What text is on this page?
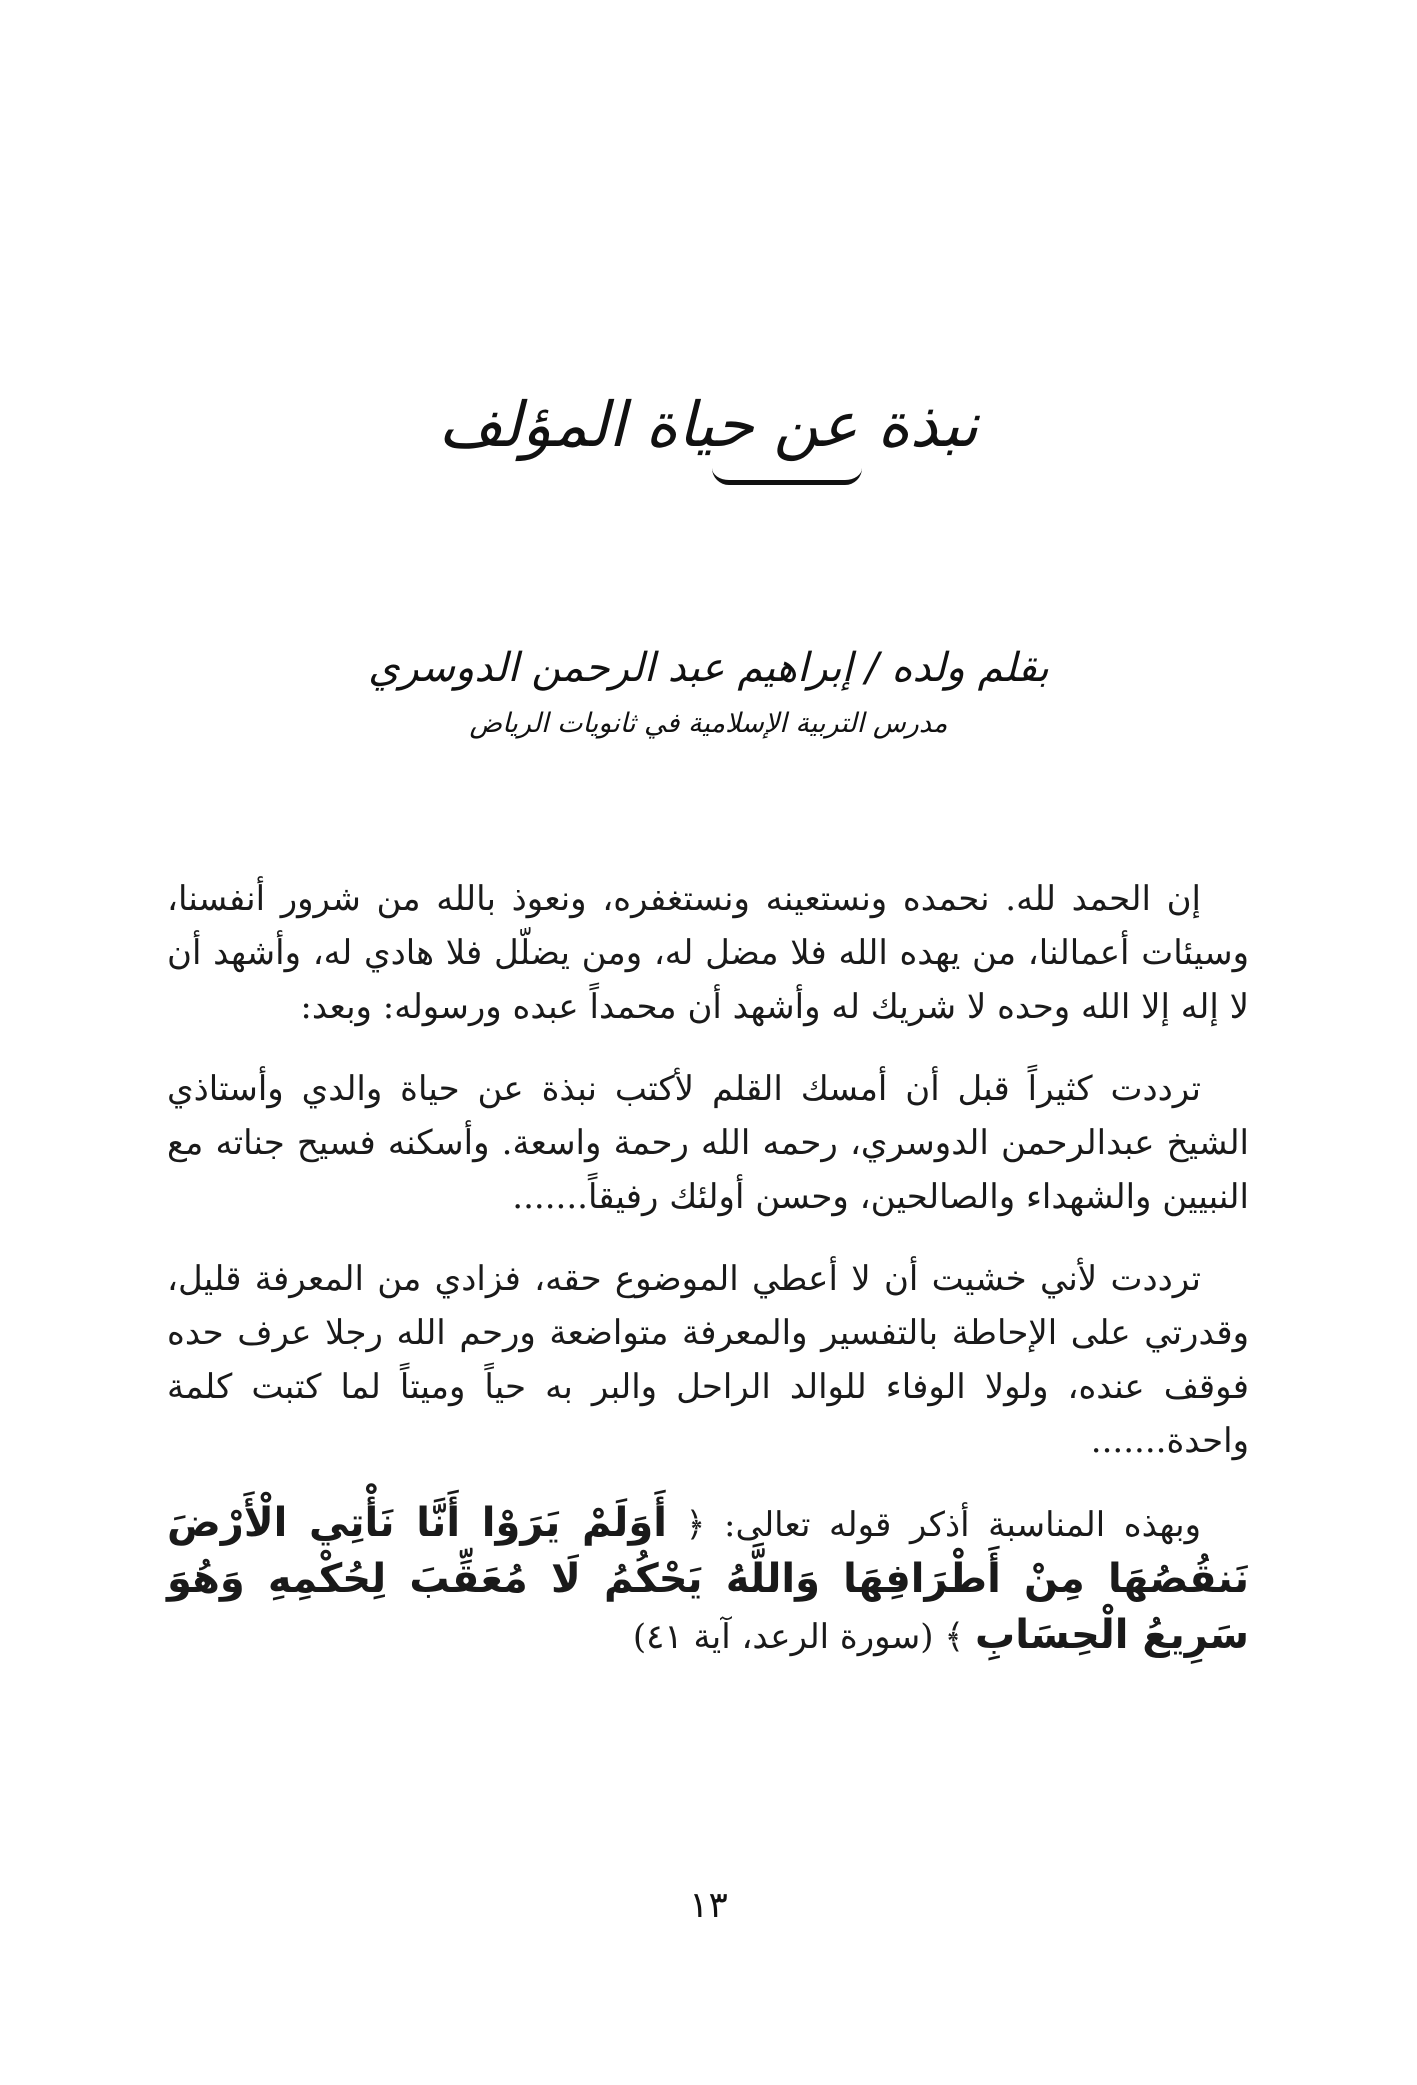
نبذة عن حياة المؤلف
بقلم ولده / إبراهيم عبد الرحمن الدوسري
مدرس التربية الإسلامية في ثانويات الرياض

إن الحمد لله. نحمده ونستعينه ونستغفره، ونعوذ بالله من شرور أنفسنا، وسيئات أعمالنا، من يهده الله فلا مضل له، ومن يضلّل فلا هادي له، وأشهد أن لا إله إلا الله وحده لا شريك له وأشهد أن محمداً عبده ورسوله: وبعد:

ترددت كثيراً قبل أن أمسك القلم لأكتب نبذة عن حياة والدي وأستاذي الشيخ عبدالرحمن الدوسري، رحمه الله رحمة واسعة. وأسكنه فسيح جناته مع النبيين والشهداء والصالحين، وحسن أولئك رفيقاً.......

ترددت لأني خشيت أن لا أعطي الموضوع حقه، فزادي من المعرفة قليل، وقدرتي على الإحاطة بالتفسير والمعرفة متواضعة ورحم الله رجلا عرف حده فوقف عنده، ولولا الوفاء للوالد الراحل والبر به حياً وميتاً لما كتبت كلمة واحدة.......

وبهذه المناسبة أذكر قوله تعالى: ﴿ أَوَلَمْ يَرَوْا أَنَّا نَأْتِي الْأَرْضَ نَنقُصُهَا مِنْ أَطْرَافِهَا وَاللَّهُ يَحْكُمُ لَا مُعَقِّبَ لِحُكْمِهِ وَهُوَ سَرِيعُ الْحِسَابِ ﴾ (سورة الرعد، آية ٤١)

١٣
